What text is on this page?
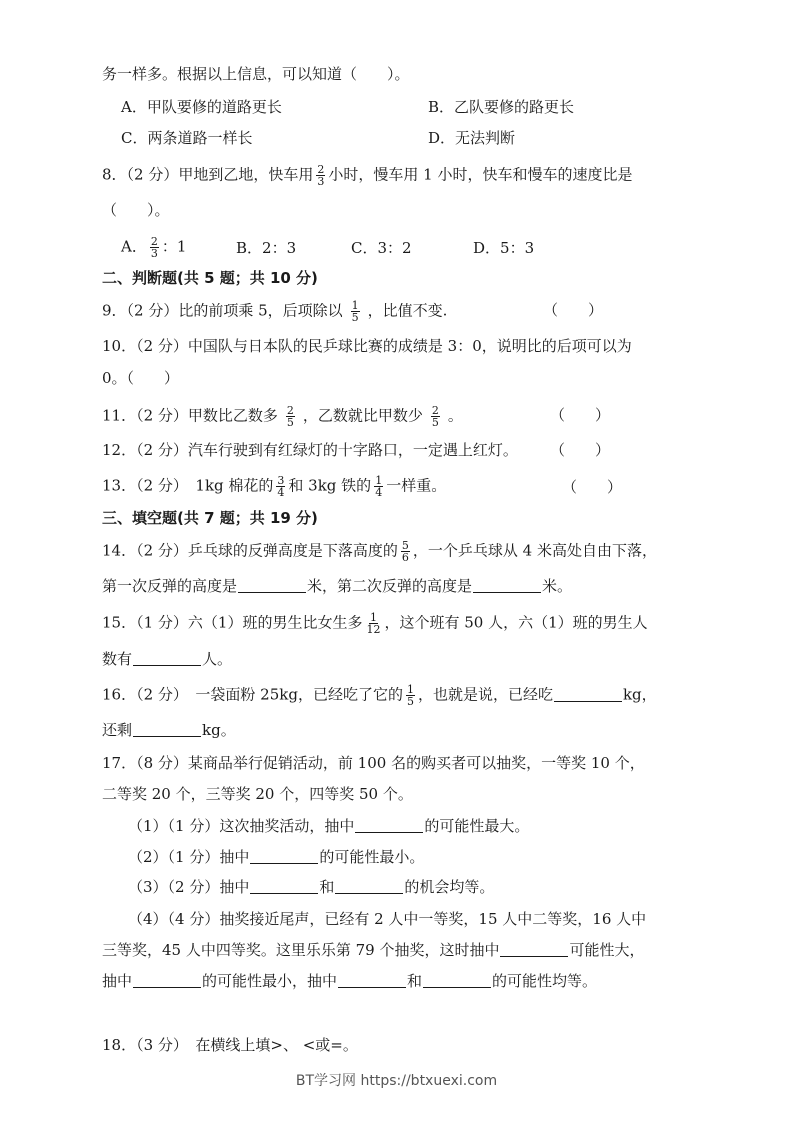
务一样多。根据以上信息，可以知道（　　）。
A．甲队要修的道路更长	B．乙队要修的路更长
C．两条道路一样长	D．无法判断
8．（2 分）甲地到乙地，快车用 $\frac{2}{3}$ 小时，慢车用 1 小时，快车和慢车的速度比是
（　　）。
A． $\frac{2}{3}$ ：1	B．2：3	C．3：2	D．5：3
二、判断题(共 5 题；共 10 分)
9．（2 分）比的前项乘 5，后项除以 $\frac{1}{5}$ ，比值不变.	（　　）
10．（2 分）中国队与日本队的民乒球比赛的成绩是 3：0，说明比的后项可以为
0。（　　）
11．（2 分）甲数比乙数多 $\frac{2}{5}$ ，乙数就比甲数少 $\frac{2}{5}$ 。	（　　）
12．（2 分）汽车行驶到有红绿灯的十字路口，一定遇上红灯。 （　　）
13．（2 分）　1kg 棉花的 $\frac{3}{4}$ 和 3kg 铁的 $\frac{1}{4}$ 一样重。	（　　）
三、填空题(共 7 题；共 19 分)
14．（2 分）乒乓球的反弹高度是下落高度的 $\frac{5}{6}$ ，一个乒乓球从 4 米高处自由下落，
第一次反弹的高度是	米，第二次反弹的高度是	米。
15．（1 分）六（1）班的男生比女生多 $\frac{1}{12}$ ，这个班有 50 人，六（1）班的男生人
数有	人。
16．（2 分）　一袋面粉 25kg，已经吃了它的 $\frac{1}{5}$ ，也就是说，已经吃	kg，
还剩	kg。
17．（8 分）某商品举行促销活动，前 100 名的购买者可以抽奖，一等奖 10 个，
二等奖 20 个，三等奖 20 个，四等奖 50 个。
（1）（1 分）这次抽奖活动，抽中	的可能性最大。
（2）（1 分）抽中	的可能性最小。
（3）（2 分）抽中	和	的机会均等。
（4）（4 分）抽奖接近尾声，已经有 2 人中一等奖，15 人中二等奖，16 人中
三等奖，45 人中四等奖。这里乐乐第 79 个抽奖，这时抽中	可能性大，
抽中	的可能性最小，抽中	和	的可能性均等。
18．（3 分）　在横线上填>、 <或=。
BT学习网 https://btxuexi.com
